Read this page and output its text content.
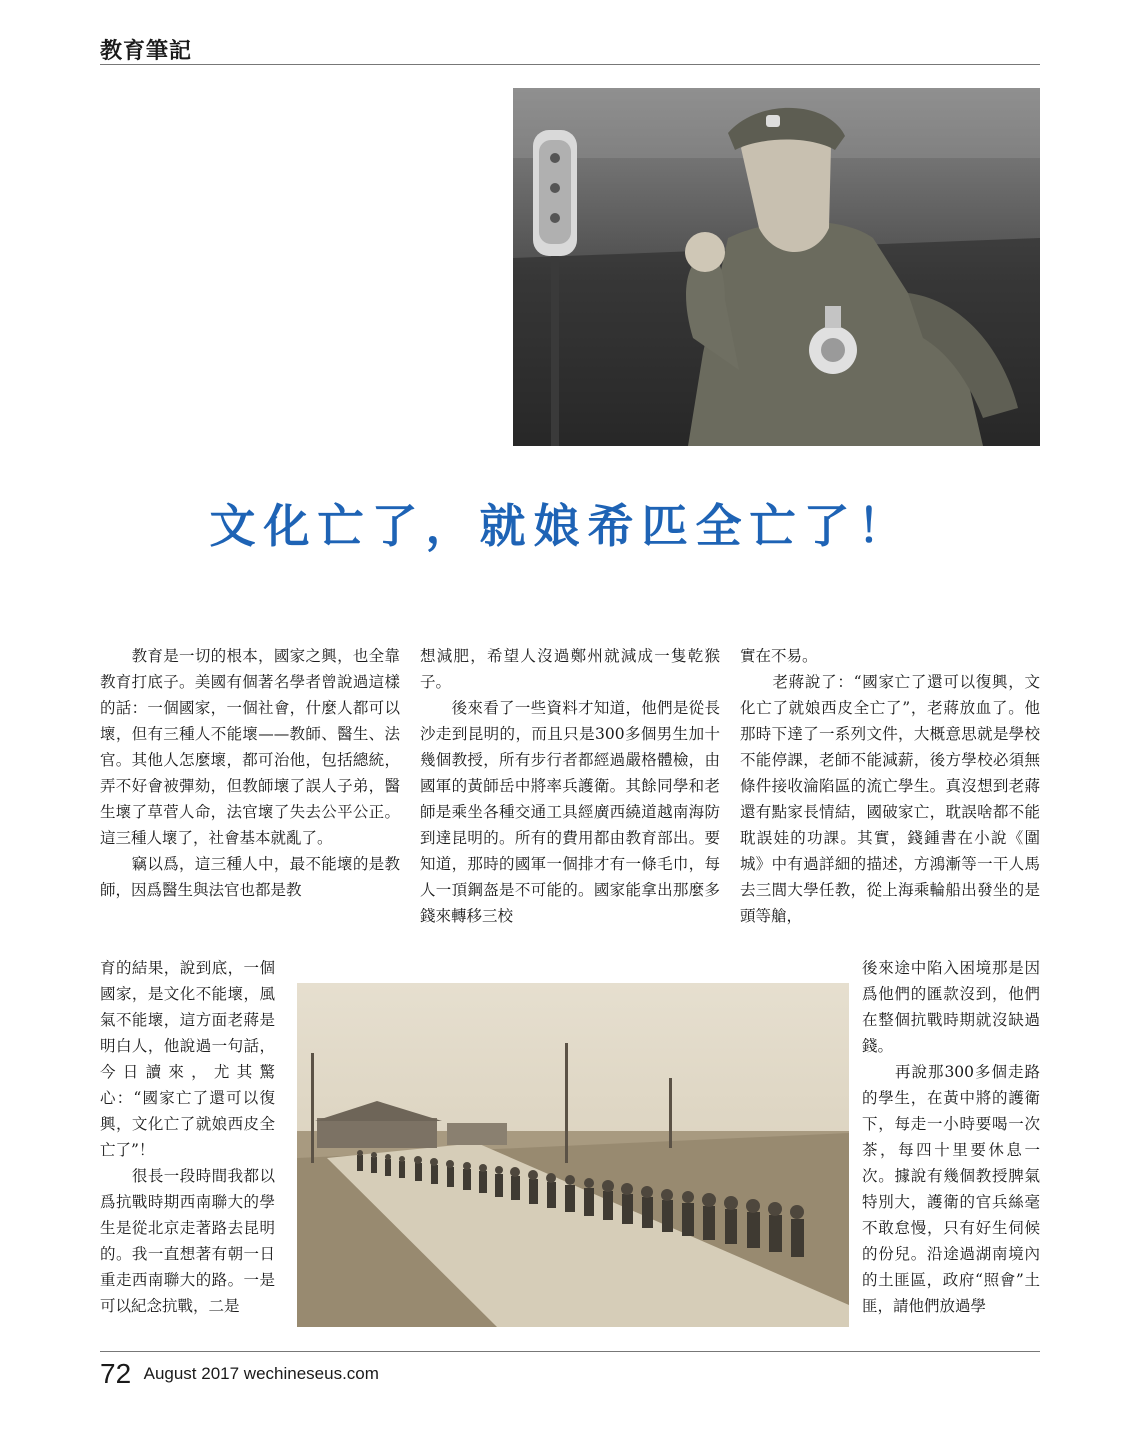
教育筆記
文化亡了，就娘希匹全亡了！
　　教育是一切的根本，國家之興，也全靠教育打底子。美國有個著名學者曾說過這樣的話：一個國家，一個社會，什麼人都可以壞，但有三種人不能壞——教師、醫生、法官。其他人怎麼壞，都可治他，包括總統，弄不好會被彈劾，但教師壞了誤人子弟，醫生壞了草菅人命，法官壞了失去公平公正。這三種人壞了，社會基本就亂了。
　　竊以爲，這三種人中，最不能壞的是教師，因爲醫生與法官也都是教
想減肥，希望人沒過鄭州就減成一隻乾猴子。
　　後來看了一些資料才知道，他們是從長沙走到昆明的，而且只是300多個男生加十幾個教授，所有步行者都經過嚴格體檢，由國軍的黃師岳中將率兵護衛。其餘同學和老師是乘坐各種交通工具經廣西繞道越南海防到達昆明的。所有的費用都由教育部出。要知道，那時的國軍一個排才有一條毛巾，每人一頂鋼盔是不可能的。國家能拿出那麼多錢來轉移三校
實在不易。
　　老蔣說了：“國家亡了還可以復興，文化亡了就娘西皮全亡了”，老蔣放血了。他那時下達了一系列文件，大概意思就是學校不能停課，老師不能減薪，後方學校必須無條件接收淪陷區的流亡學生。真沒想到老蔣還有點家長情結，國破家亡，耽誤啥都不能耽誤娃的功課。其實，錢鍾書在小說《圍城》中有過詳細的描述，方鴻漸等一干人馬去三閭大學任教，從上海乘輪船出發坐的是頭等艙，
育的結果，說到底，一個國家，是文化不能壞，風氣不能壞，這方面老蔣是明白人，他說過一句話，今日讀來，尤其驚心：“國家亡了還可以復興，文化亡了就娘西皮全亡了”！
　　很長一段時間我都以爲抗戰時期西南聯大的學生是從北京走著路去昆明的。我一直想著有朝一日重走西南聯大的路。一是可以紀念抗戰，二是
後來途中陷入困境那是因爲他們的匯款沒到，他們在整個抗戰時期就沒缺過錢。
　　再說那300多個走路的學生，在黃中將的護衛下，每走一小時要喝一次茶，每四十里要休息一次。據說有幾個教授脾氣特別大，護衛的官兵絲毫不敢怠慢，只有好生伺候的份兒。沿途過湖南境內的土匪區，政府“照會”土匪，請他們放過學
72 August 2017 wechineseus.com
